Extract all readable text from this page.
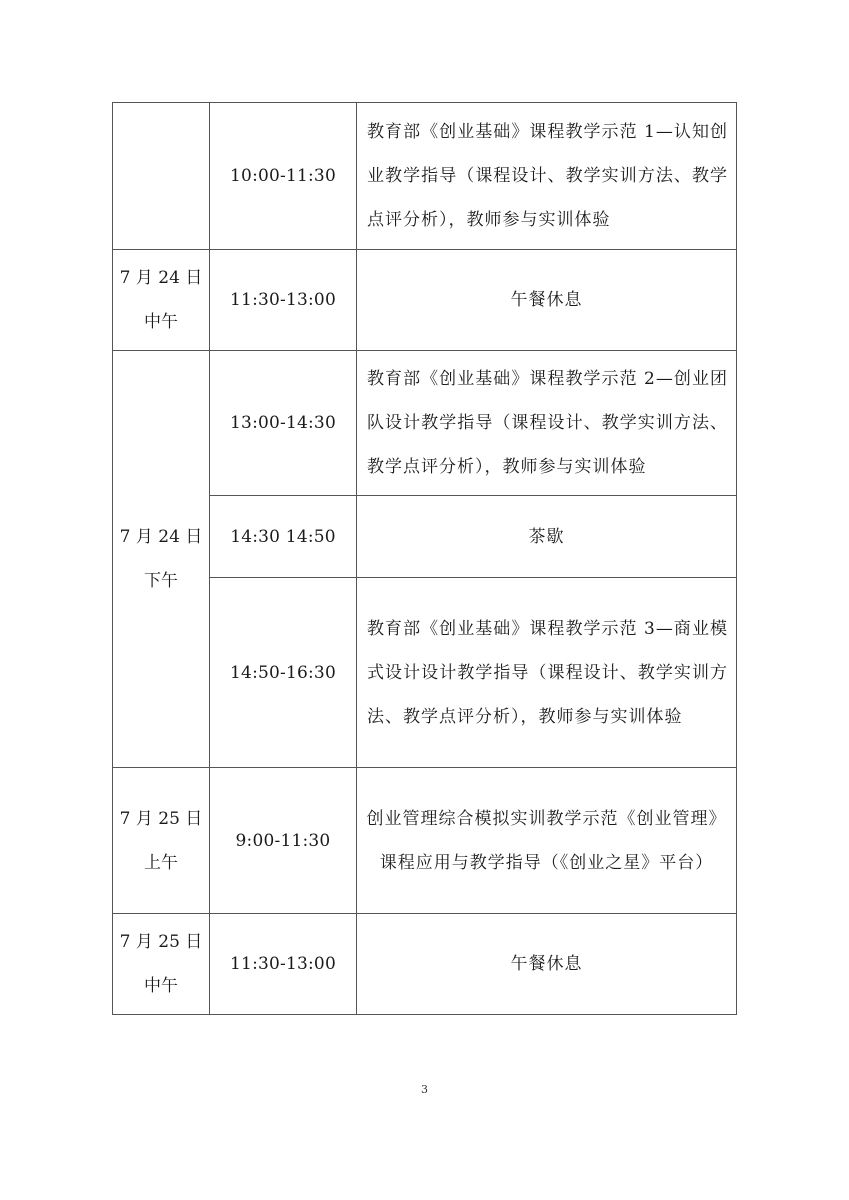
	10:00-11:30	教育部《创业基础》课程教学示范 1—认知创业教学指导（课程设计、教学实训方法、教学点评分析），教师参与实训体验

7 月 24 日
中午	11:30-13:00	午餐休息

7 月 24 日
下午	13:00-14:30	教育部《创业基础》课程教学示范 2—创业团队设计教学指导（课程设计、教学实训方法、教学点评分析），教师参与实训体验
	14:30 14:50	茶歇
	14:50-16:30	教育部《创业基础》课程教学示范 3—商业模式设计设计教学指导（课程设计、教学实训方法、教学点评分析），教师参与实训体验

7 月 25 日
上午	9:00-11:30	创业管理综合模拟实训教学示范《创业管理》课程应用与教学指导（《创业之星》平台）

7 月 25 日
中午	11:30-13:00	午餐休息
3
